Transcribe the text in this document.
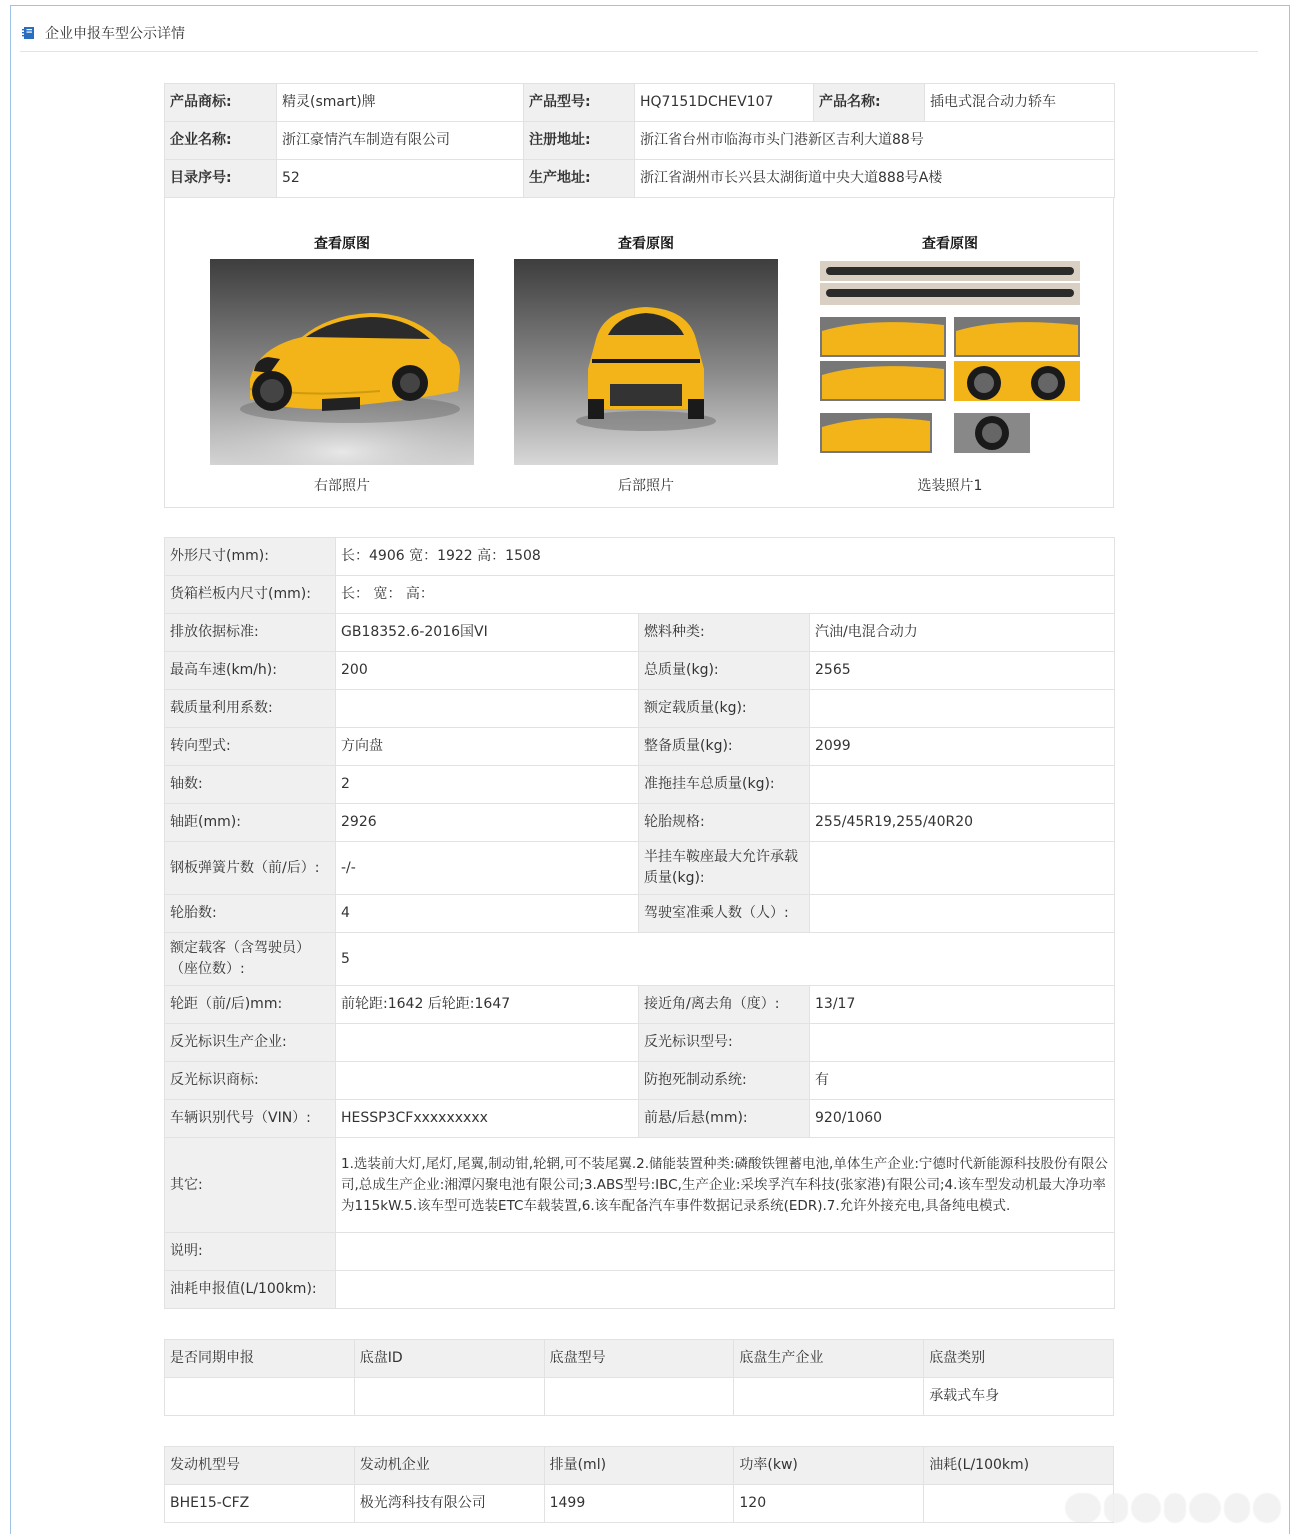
企业申报车型公示详情
产品商标:	精灵(smart)牌	产品型号:	HQ7151DCHEV107	产品名称:	插电式混合动力轿车
企业名称:	浙江豪情汽车制造有限公司	注册地址:	浙江省台州市临海市头门港新区吉利大道88号		
目录序号:	52	生产地址:	浙江省湖州市长兴县太湖街道中央大道888号A楼		
查看原图
右部照片
查看原图
后部照片
查看原图
选装照片1
外形尺寸(mm):	长：4906 宽：1922 高：1508		
货箱栏板内尺寸(mm):	长： 宽： 高：		
排放依据标准:	GB18352.6-2016国VI	燃料种类:	汽油/电混合动力
最高车速(km/h):	200	总质量(kg):	2565
载质量利用系数:		额定载质量(kg):	
转向型式:	方向盘	整备质量(kg):	2099
轴数:	2	准拖挂车总质量(kg):	
轴距(mm):	2926	轮胎规格:	255/45R19,255/40R20
钢板弹簧片数（前/后）:	-/-	半挂车鞍座最大允许承载质量(kg):	
轮胎数:	4	驾驶室准乘人数（人）:	
额定载客（含驾驶员）（座位数）:	5		
轮距（前/后)mm:	前轮距:1642 后轮距:1647	接近角/离去角（度）:	13/17
反光标识生产企业:		反光标识型号:	
反光标识商标:		防抱死制动系统:	有
车辆识别代号（VIN）:	HESSP3CFxxxxxxxxx	前悬/后悬(mm):	920/1060
其它:	1.选装前大灯,尾灯,尾翼,制动钳,轮辋,可不装尾翼.2.储能装置种类:磷酸铁锂蓄电池,单体生产企业:宁德时代新能源科技股份有限公司,总成生产企业:湘潭闪聚电池有限公司;3.ABS型号:IBC,生产企业:采埃孚汽车科技(张家港)有限公司;4.该车型发动机最大净功率为115kW.5.该车型可选装ETC车载装置,6.该车配备汽车事件数据记录系统(EDR).7.允许外接充电,具备纯电模式.		
说明:			
油耗申报值(L/100km):			
是否同期申报	底盘ID	底盘型号	底盘生产企业	底盘类别
				承载式车身
发动机型号	发动机企业	排量(ml)	功率(kw)	油耗(L/100km)
BHE15-CFZ	极光湾科技有限公司	1499	120	
